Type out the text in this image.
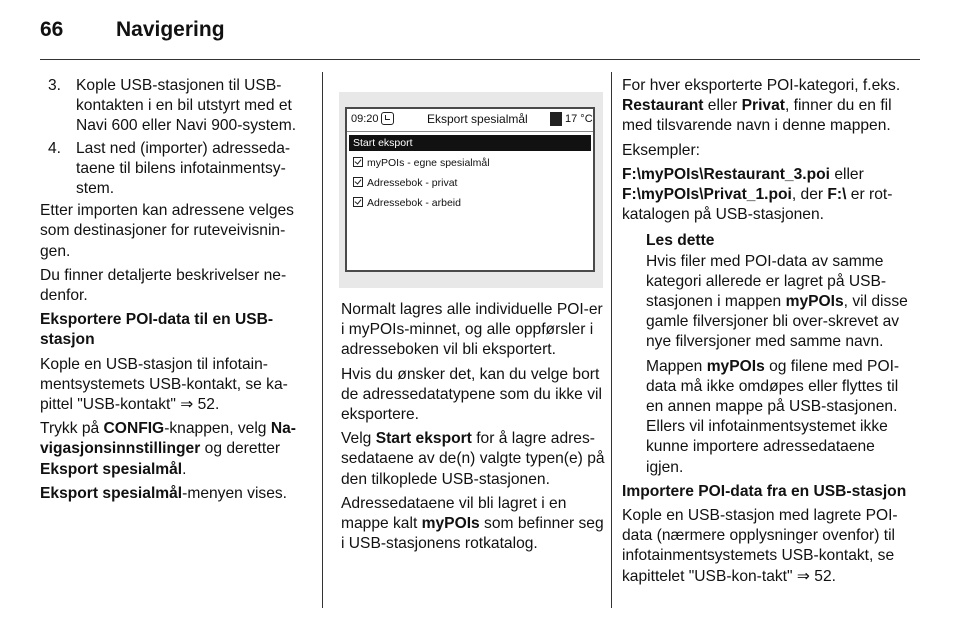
66	Navigering
3. Kople USB-stasjonen til USB-kontakten i en bil utstyrt med et Navi 600 eller Navi 900-system.
4. Last ned (importer) adresseda-taene til bilens infotainmentsy-stem.

Etter importen kan adressene velges som destinasjoner for ruteveivisnin-gen.

Du finner detaljerte beskrivelser ne-denfor.

Eksportere POI-data til en USB-stasjon

Kople en USB-stasjon til infotain-mentsystemets USB-kontakt, se ka-pittel "USB-kontakt" ⇒ 52.

Trykk på CONFIG-knappen, velg Na-vigasjonsinnstillinger og deretter Eksport spesialmål.

Eksport spesialmål-menyen vises.

09:20	Eksport spesialmål	17 °C
Start eksport
myPOIs - egne spesialmål
Adressebok - privat
Adressebok - arbeid

Normalt lagres alle individuelle POI-er i myPOIs-minnet, og alle oppførsler i adresseboken vil bli eksportert.

Hvis du ønsker det, kan du velge bort de adressedatatypene som du ikke vil eksportere.

Velg Start eksport for å lagre adres-sedataene av de(n) valgte typen(e) på den tilkoplede USB-stasjonen.

Adressedataene vil bli lagret i en mappe kalt myPOIs som befinner seg i USB-stasjonens rotkatalog.

For hver eksporterte POI-kategori, f.eks. Restaurant eller Privat, finner du en fil med tilsvarende navn i denne mappen.

Eksempler:

F:\myPOIs\Restaurant_3.poi eller
F:\myPOIs\Privat_1.poi, der F:\ er rot-katalogen på USB-stasjonen.

Les dette

Hvis filer med POI-data av samme kategori allerede er lagret på USB-stasjonen i mappen myPOIs, vil disse gamle filversjoner bli over-skrevet av nye filversjoner med samme navn.

Mappen myPOIs og filene med POI-data må ikke omdøpes eller flyttes til en annen mappe på USB-stasjonen. Ellers vil infotainmentsystemet ikke kunne importere adressedataene igjen.

Importere POI-data fra en USB-stasjon

Kople en USB-stasjon med lagrete POI-data (nærmere opplysninger ovenfor) til infotainmentsystemets USB-kontakt, se kapittelet "USB-kon-takt" ⇒ 52.
